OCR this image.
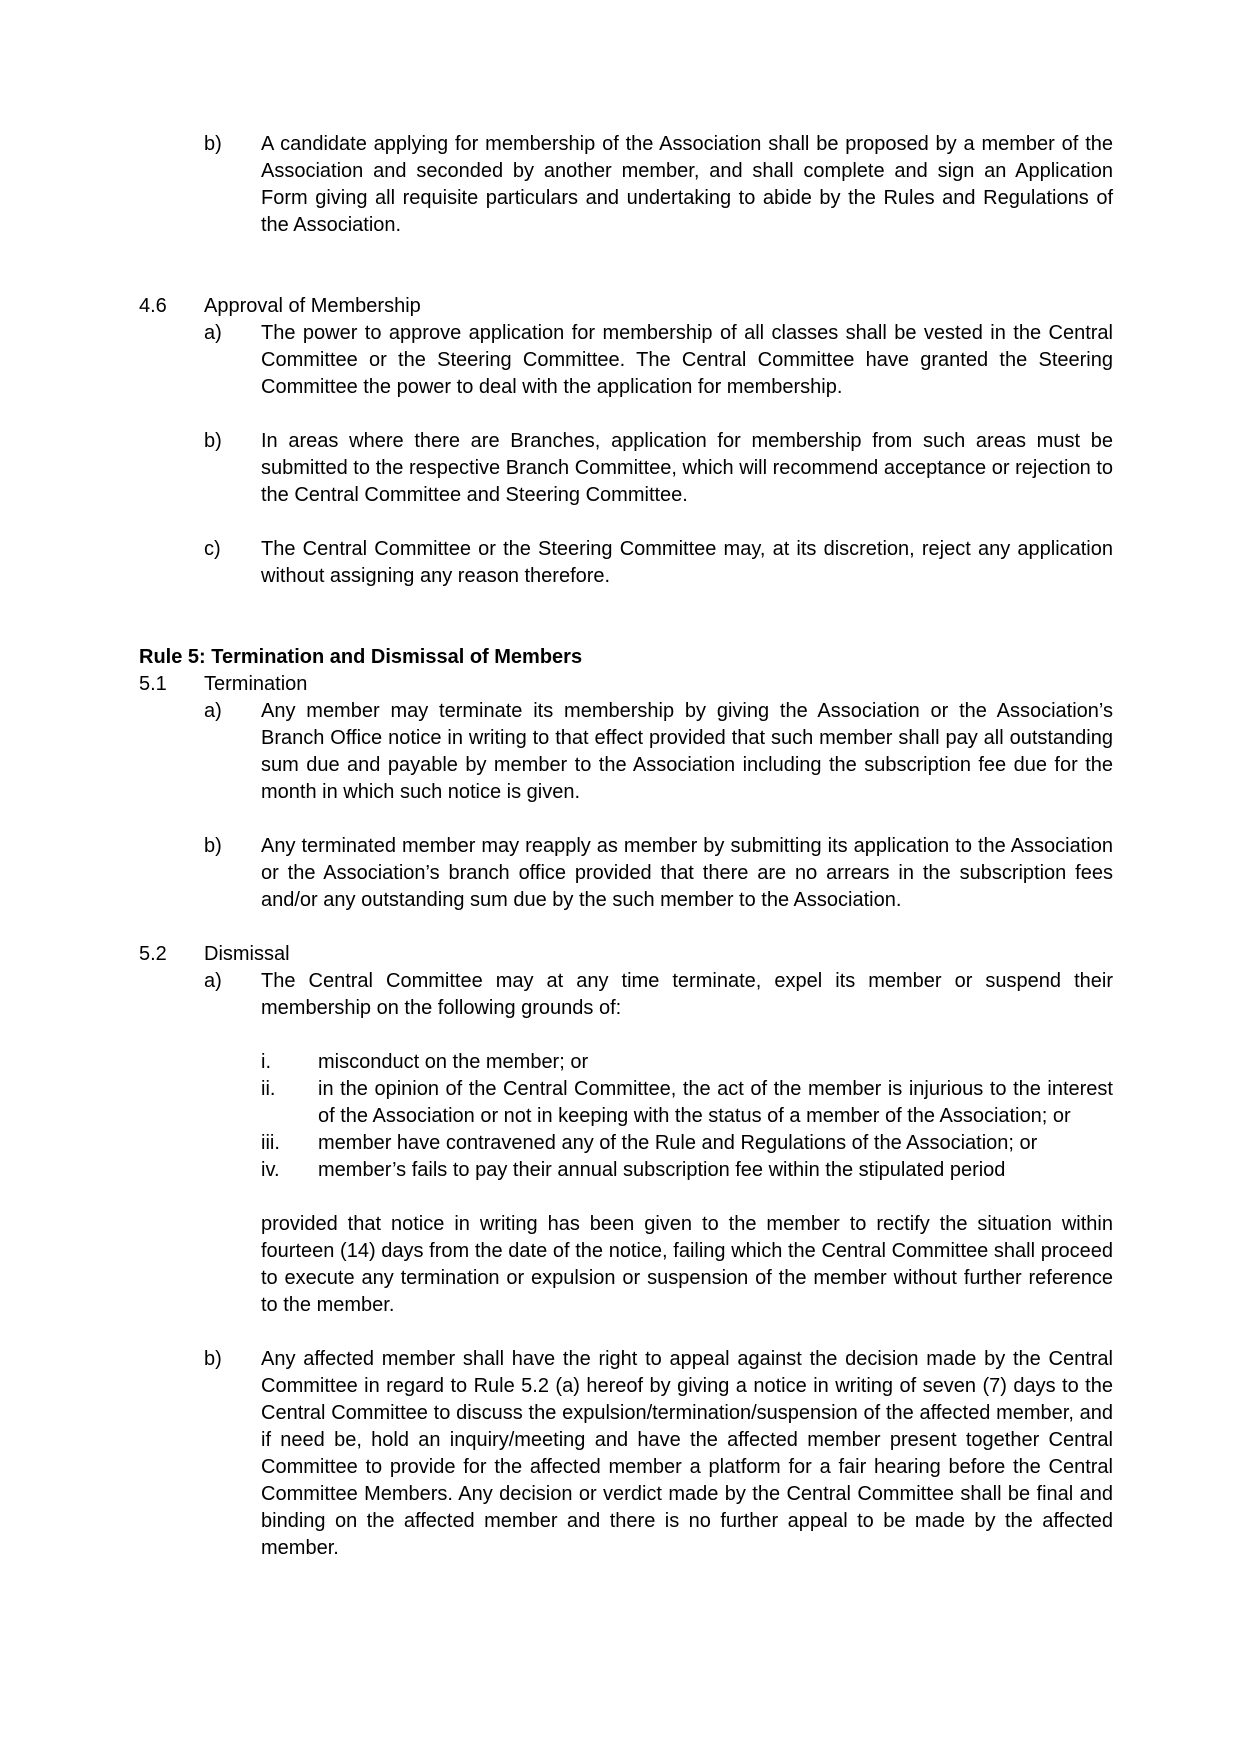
b)	A candidate applying for membership of the Association shall be proposed by a member of the Association and seconded by another member, and shall complete and sign an Application Form giving all requisite particulars and undertaking to abide by the Rules and Regulations of the Association.
4.6	Approval of Membership
a)	The power to approve application for membership of all classes shall be vested in the Central Committee or the Steering Committee. The Central Committee have granted the Steering Committee the power to deal with the application for membership.
b)	In areas where there are Branches, application for membership from such areas must be submitted to the respective Branch Committee, which will recommend acceptance or rejection to the Central Committee and Steering Committee.
c)	The Central Committee or the Steering Committee may, at its discretion, reject any application without assigning any reason therefore.
Rule 5: Termination and Dismissal of Members
5.1	Termination
a)	Any member may terminate its membership by giving the Association or the Association’s Branch Office notice in writing to that effect provided that such member shall pay all outstanding sum due and payable by member to the Association including the subscription fee due for the month in which such notice is given.
b)	Any terminated member may reapply as member by submitting its application to the Association or the Association’s branch office provided that there are no arrears in the subscription fees and/or any outstanding sum due by the such member to the Association.
5.2	Dismissal
a)	The Central Committee may at any time terminate, expel its member or suspend their membership on the following grounds of:

i.	misconduct on the member; or
ii.	in the opinion of the Central Committee, the act of the member is injurious to the interest of the Association or not in keeping with the status of a member of the Association; or
iii.	member have contravened any of the Rule and Regulations of the Association; or
iv.	member’s fails to pay their annual subscription fee within the stipulated period

provided that notice in writing has been given to the member to rectify the situation within fourteen (14) days from the date of the notice, failing which the Central Committee shall proceed to execute any termination or expulsion or suspension of the member without further reference to the member.

b)	Any affected member shall have the right to appeal against the decision made by the Central Committee in regard to Rule 5.2 (a) hereof by giving a notice in writing of seven (7) days to the Central Committee to discuss the expulsion/termination/suspension of the affected member, and if need be, hold an inquiry/meeting and have the affected member present together Central Committee to provide for the affected member a platform for a fair hearing before the Central Committee Members. Any decision or verdict made by the Central Committee shall be final and binding on the affected member and there is no further appeal to be made by the affected member.
